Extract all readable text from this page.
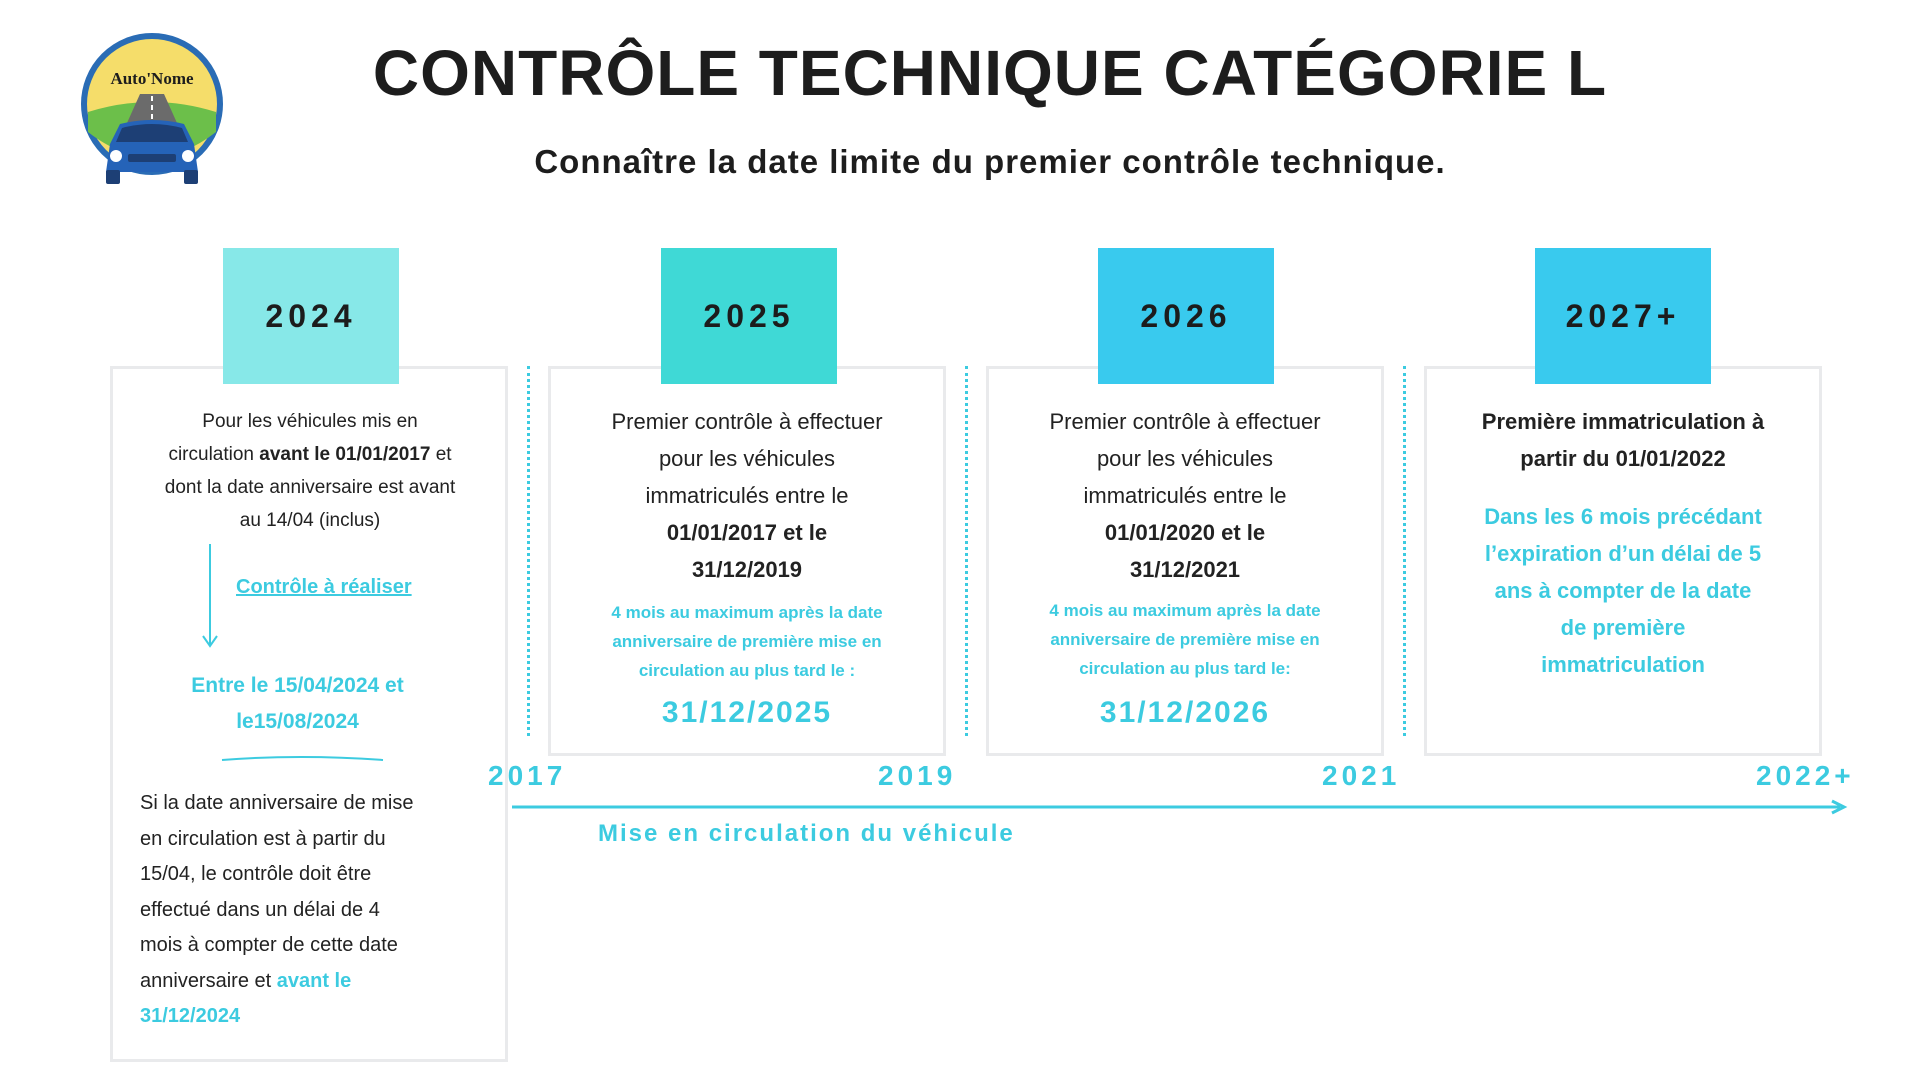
Auto'Nome	CONTRÔLE TECHNIQUE CATÉGORIE L
Connaître la date limite du premier contrôle technique.
2024
Pour les véhicules mis en
circulation avant le 01/01/2017 et
dont la date anniversaire est avant
au 14/04 (inclus)
Contrôle à réaliser
Entre le 15/04/2024 et
le15/08/2024
Si la date anniversaire de mise
en circulation est à partir du
15/04, le contrôle doit être
effectué dans un délai de 4
mois à compter de cette date
anniversaire et avant le
31/12/2024
2025
Premier contrôle à effectuer
pour les véhicules
immatriculés entre le
01/01/2017 et le
31/12/2019
4 mois au maximum après la date
anniversaire de première mise en
circulation au plus tard le :
31/12/2025
2026
Premier contrôle à effectuer
pour les véhicules
immatriculés entre le
01/01/2020 et le
31/12/2021
4 mois au maximum après la date
anniversaire de première mise en
circulation au plus tard le:
31/12/2026
2027+
Première immatriculation à
partir du 01/01/2022
Dans les 6 mois précédant
l’expiration d’un délai de 5
ans à compter de la date
de première
immatriculation
2017	2019	2021	2022+
Mise en circulation du véhicule
